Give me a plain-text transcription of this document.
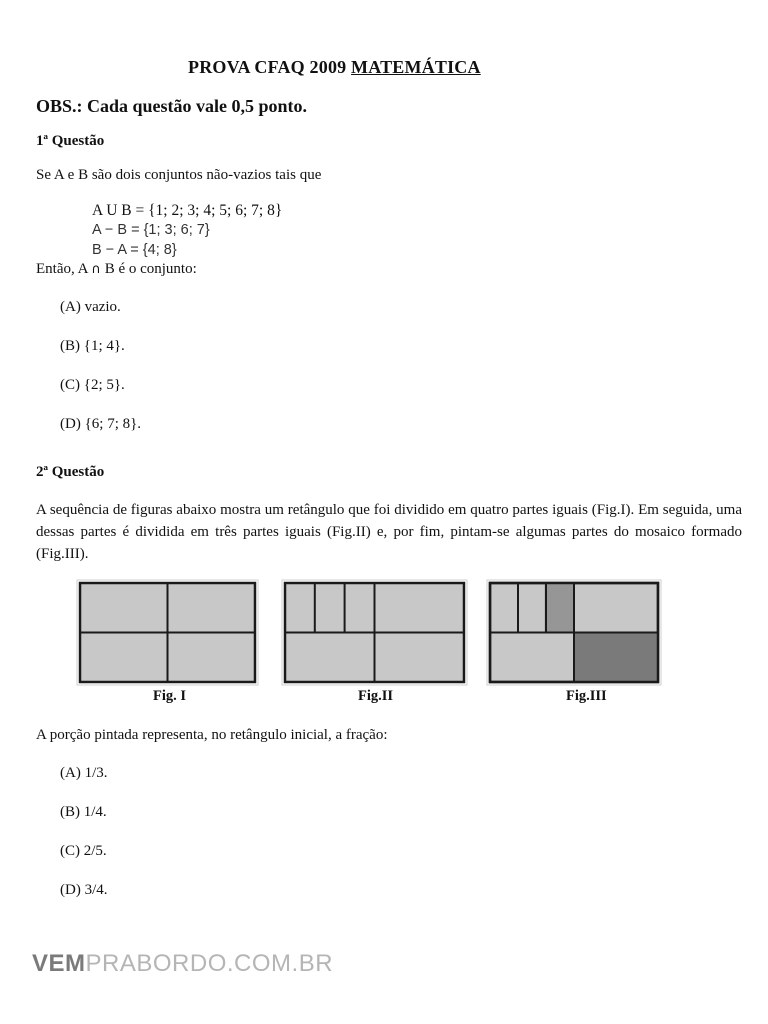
PROVA CFAQ 2009 MATEMÁTICA
OBS.: Cada questão vale 0,5 ponto.
1ª Questão
Se A e B são dois conjuntos não-vazios tais que
A U B = {1; 2; 3; 4; 5; 6; 7; 8}
A − B = {1; 3; 6; 7}
B − A = {4; 8}
Então, A ∩ B é o conjunto:
(A) vazio.
(B) {1; 4}.
(C) {2; 5}.
(D) {6; 7; 8}.
2ª Questão
A sequência de figuras abaixo mostra um retângulo que foi dividido em quatro partes iguais (Fig.I). Em seguida, uma dessas partes é dividida em três partes iguais (Fig.II) e, por fim, pintam-se algumas partes do mosaico formado (Fig.III).
Fig. I	Fig.II	Fig.III
A porção pintada representa, no retângulo inicial, a fração:
(A) 1/3.
(B) 1/4.
(C) 2/5.
(D) 3/4.
VEMPRABORDO.COM.BR
